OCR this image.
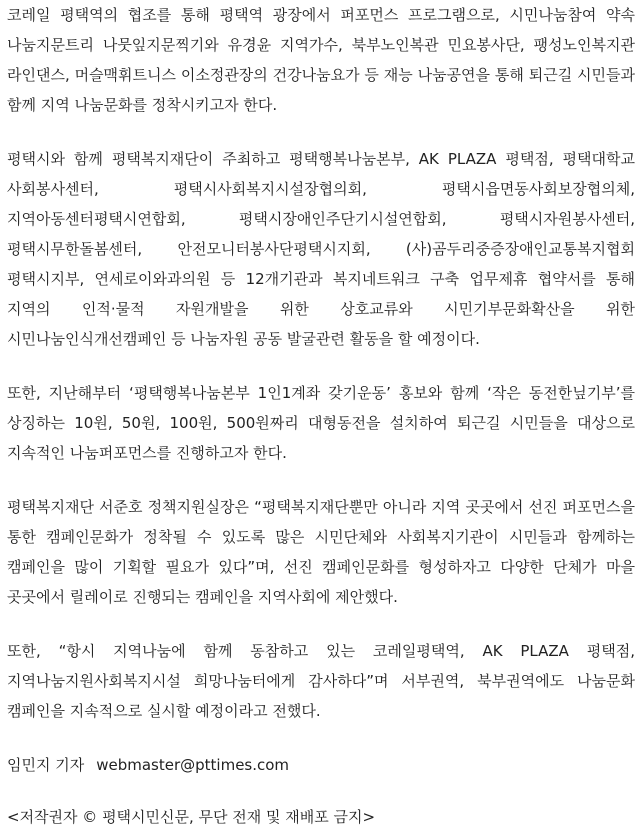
코레일 평택역의 협조를 통해 평택역 광장에서 퍼포먼스 프로그램으로, 시민나눔참여 약속 나눔지문트리 나뭇잎지문찍기와 유경윤 지역가수, 북부노인복관 민요봉사단, 팽성노인복지관 라인댄스, 머슬맥휘트니스 이소정관장의 건강나눔요가 등 재능 나눔공연을 통해 퇴근길 시민들과 함께 지역 나눔문화를 정착시키고자 한다.

평택시와 함께 평택복지재단이 주최하고 평택행복나눔본부, AK PLAZA 평택점, 평택대학교 사회봉사센터, 평택시사회복지시설장협의회, 평택시읍면동사회보장협의체, 지역아동센터평택시연합회, 평택시장애인주단기시설연합회, 평택시자원봉사센터, 평택시무한돌봄센터, 안전모니터봉사단평택시지회, (사)곰두리중증장애인교통복지협회 평택시지부, 연세로이와과의원 등 12개기관과 복지네트워크 구축 업무제휴 협약서를 통해 지역의 인적·물적 자원개발을 위한 상호교류와 시민기부문화확산을 위한 시민나눔인식개선캠페인 등 나눔자원 공동 발굴관련 활동을 할 예정이다.

또한, 지난해부터 ‘평택행복나눔본부 1인1계좌 갖기운동’ 홍보와 함께 ‘작은 동전한닢기부’를 상징하는 10원, 50원, 100원, 500원짜리 대형동전을 설치하여 퇴근길 시민들을 대상으로 지속적인 나눔퍼포먼스를 진행하고자 한다.

평택복지재단 서준호 정책지원실장은 “평택복지재단뿐만 아니라 지역 곳곳에서 선진 퍼포먼스을 통한 캠페인문화가 정착될 수 있도록 많은 시민단체와 사회복지기관이 시민들과 함께하는 캠페인을 많이 기획할 필요가 있다”며, 선진 캠페인문화를 형성하자고 다양한 단체가 마을 곳곳에서 릴레이로 진행되는 캠페인을 지역사회에 제안했다.

또한, “항시 지역나눔에 함께 동참하고 있는 코레일평택역, AK PLAZA 평택점, 지역나눔지원사회복지시설 희망나눔터에게 감사하다”며 서부권역, 북부권역에도 나눔문화 캠페인을 지속적으로 실시할 예정이라고 전했다.

임민지 기자 webmaster@pttimes.com

<저작권자 © 평택시민신문, 무단 전재 및 재배포 금지>
